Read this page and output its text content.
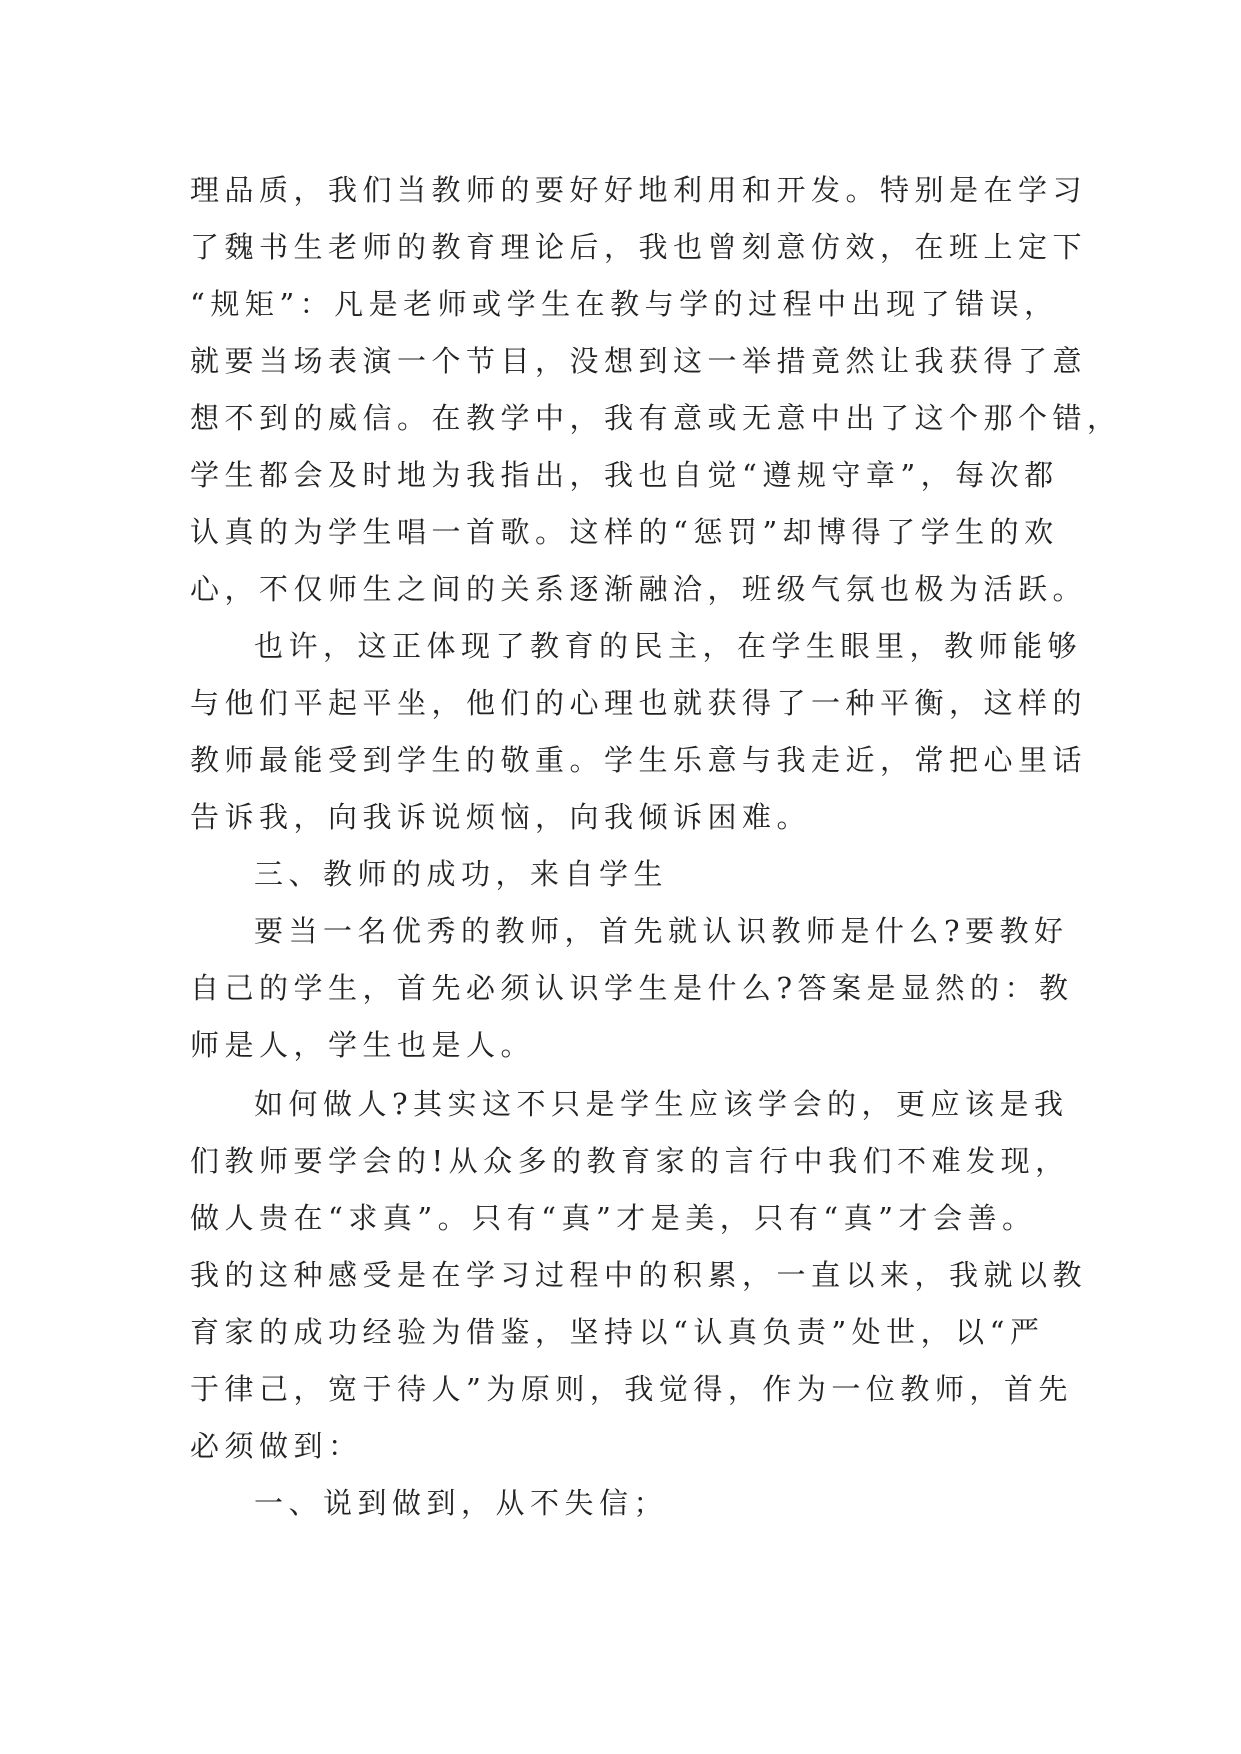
理品质，我们当教师的要好好地利用和开发。特别是在学习
了魏书生老师的教育理论后，我也曾刻意仿效，在班上定下
“规矩”：凡是老师或学生在教与学的过程中出现了错误，
就要当场表演一个节目，没想到这一举措竟然让我获得了意
想不到的威信。在教学中，我有意或无意中出了这个那个错，
学生都会及时地为我指出，我也自觉“遵规守章”，每次都
认真的为学生唱一首歌。这样的“惩罚”却博得了学生的欢
心，不仅师生之间的关系逐渐融洽，班级气氛也极为活跃。
也许，这正体现了教育的民主，在学生眼里，教师能够
与他们平起平坐，他们的心理也就获得了一种平衡，这样的
教师最能受到学生的敬重。学生乐意与我走近，常把心里话
告诉我，向我诉说烦恼，向我倾诉困难。
三、教师的成功，来自学生
要当一名优秀的教师，首先就认识教师是什么?要教好
自己的学生，首先必须认识学生是什么?答案是显然的：教
师是人，学生也是人。
如何做人?其实这不只是学生应该学会的，更应该是我
们教师要学会的!从众多的教育家的言行中我们不难发现，
做人贵在“求真”。只有“真”才是美，只有“真”才会善。
我的这种感受是在学习过程中的积累，一直以来，我就以教
育家的成功经验为借鉴，坚持以“认真负责”处世，以“严
于律己，宽于待人”为原则，我觉得，作为一位教师，首先
必须做到：
一、说到做到，从不失信；
